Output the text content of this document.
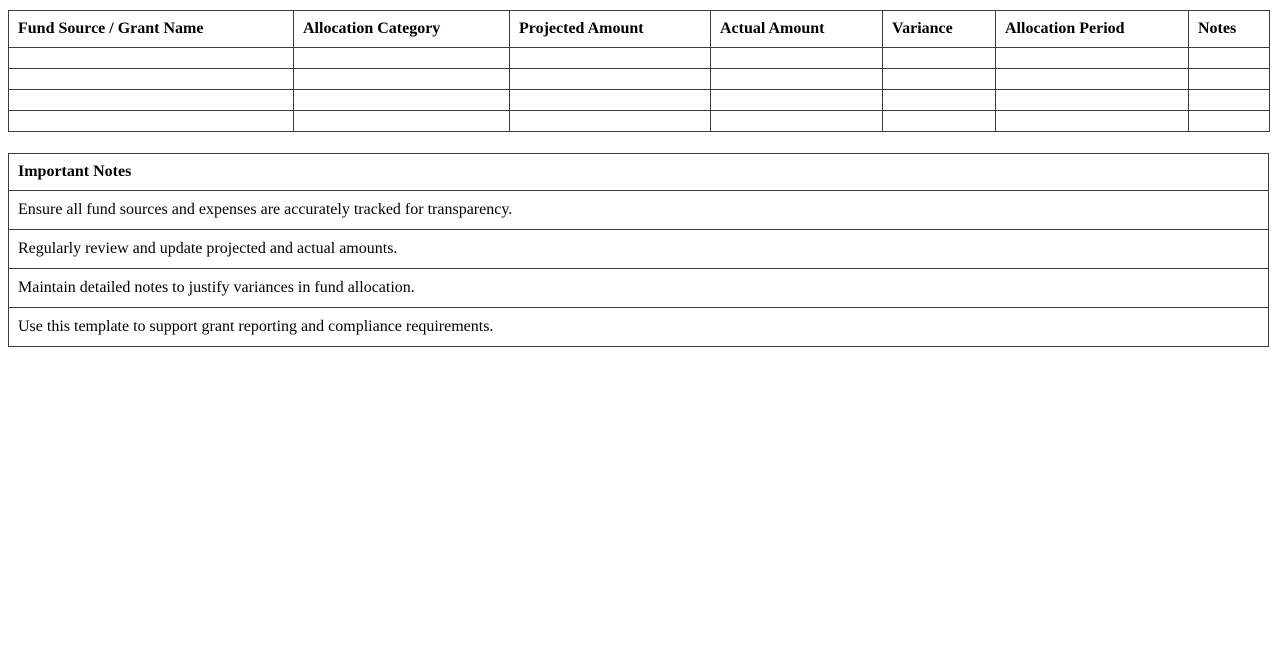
Fund Source / Grant Name	Allocation Category	Projected Amount	Actual Amount	Variance	Allocation Period	Notes

Important Notes
Ensure all fund sources and expenses are accurately tracked for transparency.
Regularly review and update projected and actual amounts.
Maintain detailed notes to justify variances in fund allocation.
Use this template to support grant reporting and compliance requirements.
